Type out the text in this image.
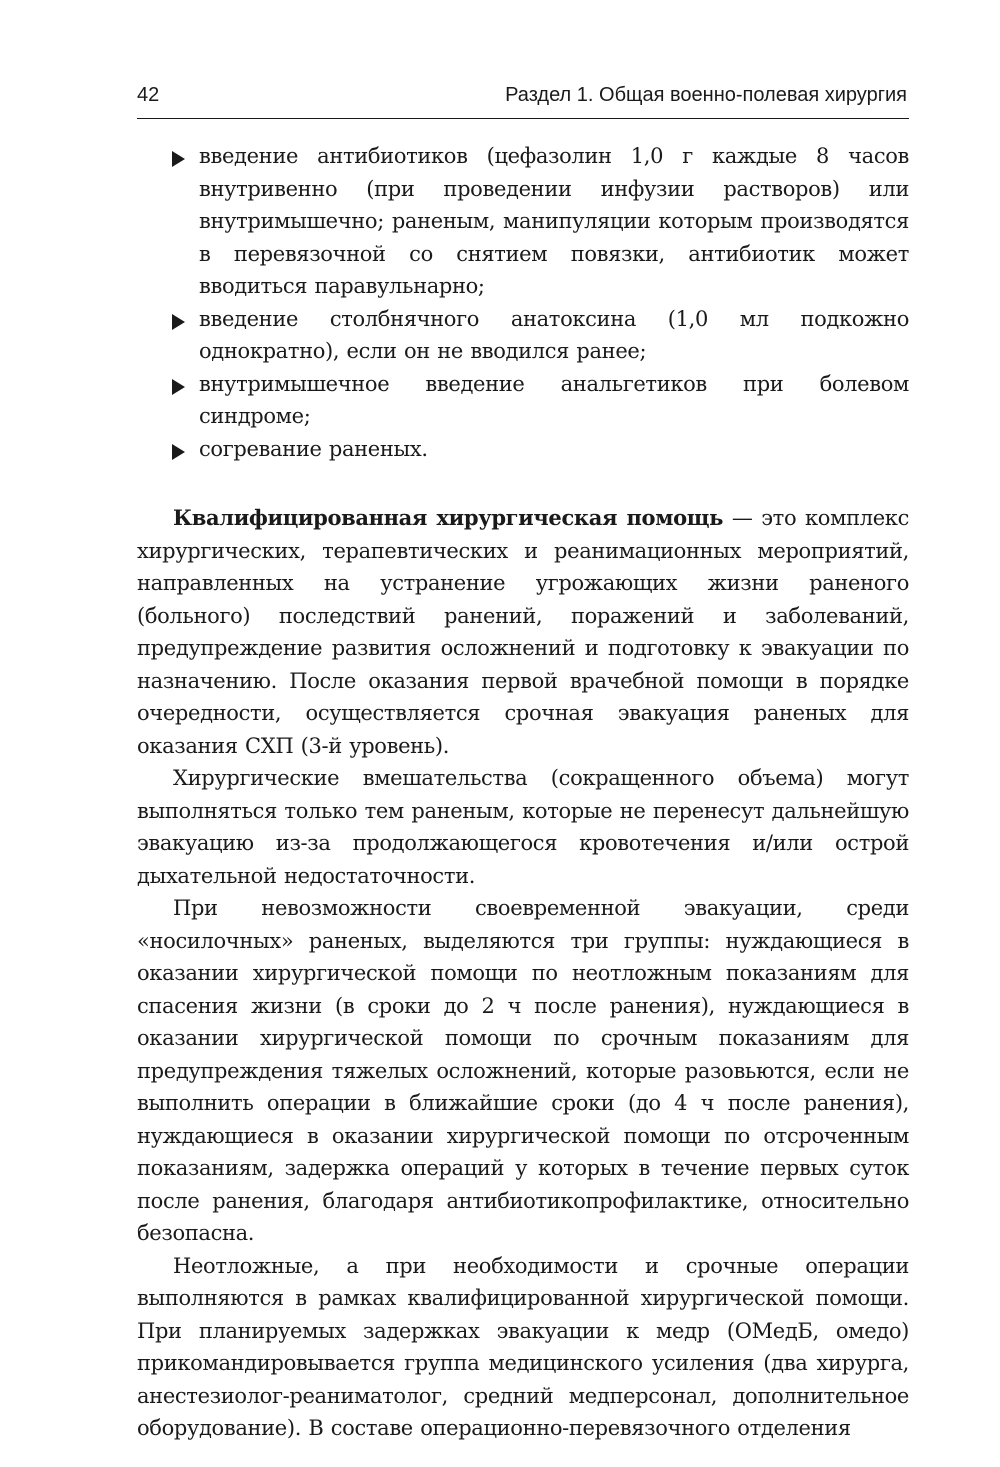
42	Раздел 1. Общая военно-полевая хирургия
введение антибиотиков (цефазолин 1,0 г каждые 8 часов внутривенно (при проведении инфузии растворов) или внутримышечно; раненым, манипуляции которым производятся в перевязочной со снятием повязки, антибиотик может вводиться паравульнарно;
введение столбнячного анатоксина (1,0 мл подкожно однократно), если он не вводился ранее;
внутримышечное введение анальгетиков при болевом синдроме;
согревание раненых.

Квалифицированная хирургическая помощь — это комплекс хирургических, терапевтических и реанимационных мероприятий, направленных на устранение угрожающих жизни раненого (больного) последствий ранений, поражений и заболеваний, предупреждение развития осложнений и подготовку к эвакуации по назначению. После оказания первой врачебной помощи в порядке очередности, осуществляется срочная эвакуация раненых для оказания СХП (3-й уровень).

Хирургические вмешательства (сокращенного объема) могут выполняться только тем раненым, которые не перенесут дальнейшую эвакуацию из-за продолжающегося кровотечения и/или острой дыхательной недостаточности.

При невозможности своевременной эвакуации, среди «носилочных» раненых, выделяются три группы: нуждающиеся в оказании хирургической помощи по неотложным показаниям для спасения жизни (в сроки до 2 ч после ранения), нуждающиеся в оказании хирургической помощи по срочным показаниям для предупреждения тяжелых осложнений, которые разовьются, если не выполнить операции в ближайшие сроки (до 4 ч после ранения), нуждающиеся в оказании хирургической помощи по отсроченным показаниям, задержка операций у которых в течение первых суток после ранения, благодаря антибиотикопрофилактике, относительно безопасна.

Неотложные, а при необходимости и срочные операции выполняются в рамках квалифицированной хирургической помощи. При планируемых задержках эвакуации к медр (ОМедБ, омедо) прикомандировывается группа медицинского усиления (два хирурга, анестезиолог-реаниматолог, средний медперсонал, дополнительное оборудование). В составе операционно-перевязочного отделения
